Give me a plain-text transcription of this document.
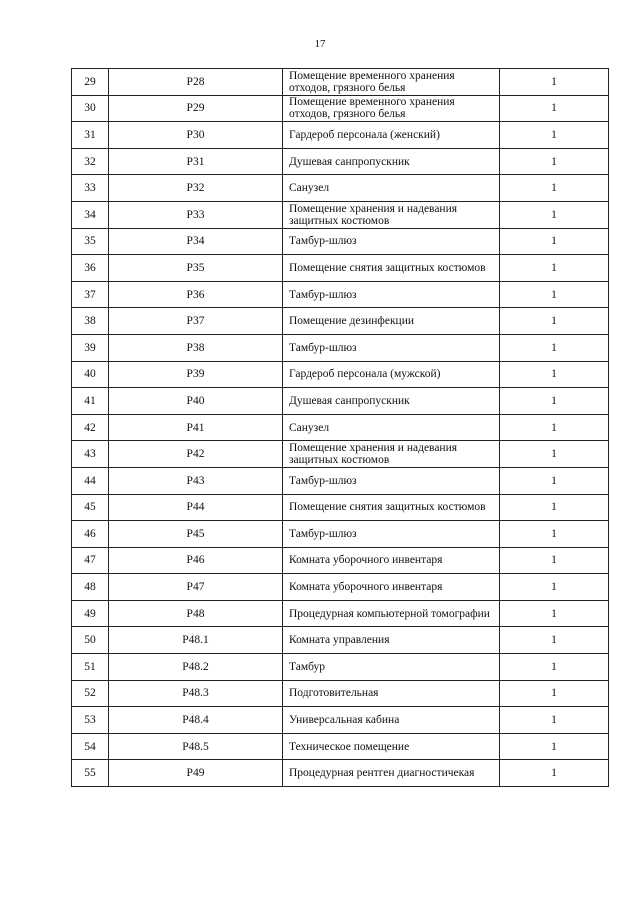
17
29	Р28	Помещение временного хранения отходов, грязного белья	1
30	Р29	Помещение временного хранения отходов, грязного белья	1
31	Р30	Гардероб персонала (женский)	1
32	Р31	Душевая санпропускник	1
33	Р32	Санузел	1
34	Р33	Помещение хранения и надевания защитных костюмов	1
35	Р34	Тамбур-шлюз	1
36	Р35	Помещение снятия защитных костюмов	1
37	Р36	Тамбур-шлюз	1
38	Р37	Помещение дезинфекции	1
39	Р38	Тамбур-шлюз	1
40	Р39	Гардероб персонала (мужской)	1
41	Р40	Душевая санпропускник	1
42	Р41	Санузел	1
43	Р42	Помещение хранения и надевания защитных костюмов	1
44	Р43	Тамбур-шлюз	1
45	Р44	Помещение снятия защитных костюмов	1
46	Р45	Тамбур-шлюз	1
47	Р46	Комната уборочного инвентаря	1
48	Р47	Комната уборочного инвентаря	1
49	Р48	Процедурная компьютерной томографии	1
50	Р48.1	Комната управления	1
51	Р48.2	Тамбур	1
52	Р48.3	Подготовительная	1
53	Р48.4	Универсальная кабина	1
54	Р48.5	Техническое помещение	1
55	Р49	Процедурная рентген диагностичекая	1
